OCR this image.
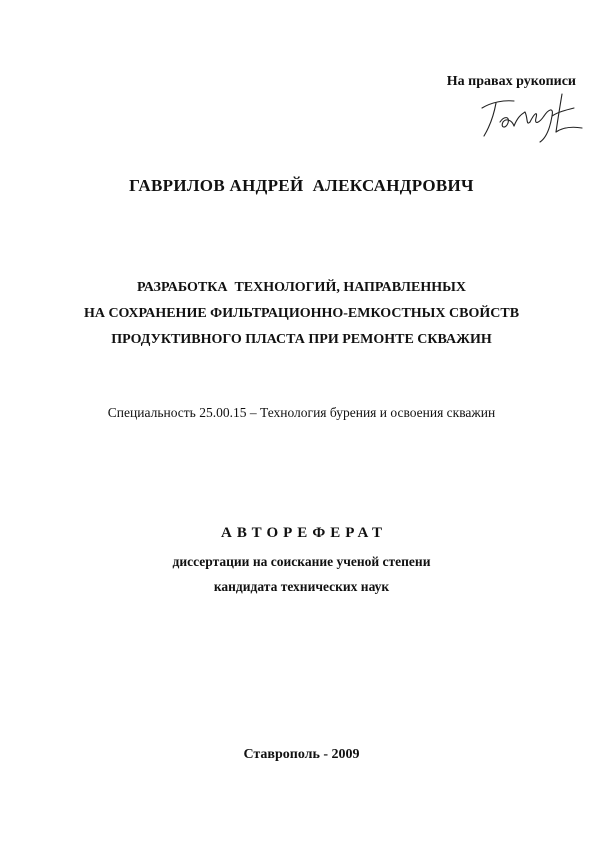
На правах рукописи
ГАВРИЛОВ АНДРЕЙ  АЛЕКСАНДРОВИЧ
РАЗРАБОТКА  ТЕХНОЛОГИЙ, НАПРАВЛЕННЫХ
НА СОХРАНЕНИЕ ФИЛЬТРАЦИОННО-ЕМКОСТНЫХ СВОЙСТВ
ПРОДУКТИВНОГО ПЛАСТА ПРИ РЕМОНТЕ СКВАЖИН
Специальность 25.00.15 – Технология бурения и освоения скважин
АВТОРЕФЕРАТ
диссертации на соискание ученой степени
кандидата технических наук
Ставрополь - 2009
